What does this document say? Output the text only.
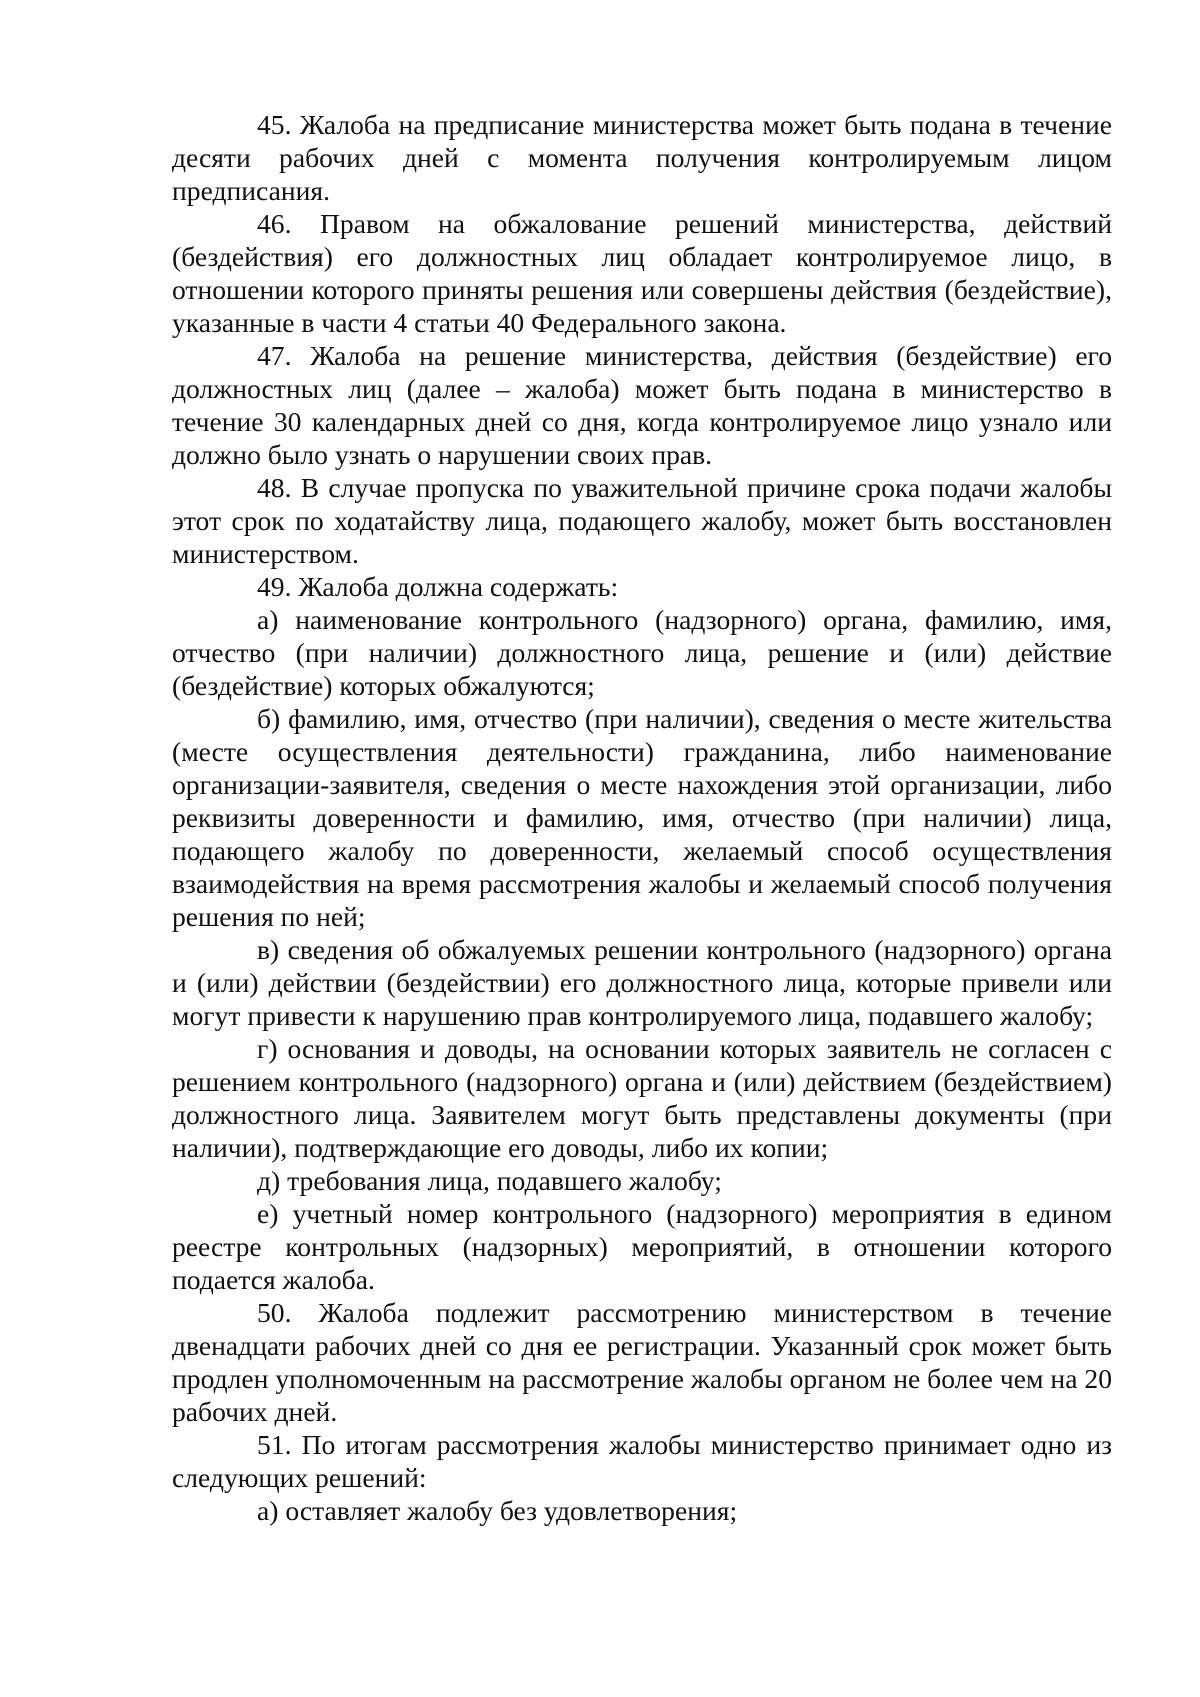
45. Жалоба на предписание министерства может быть подана в течение десяти рабочих дней с момента получения контролируемым лицом предписания.

46. Правом на обжалование решений министерства, действий (бездействия) его должностных лиц обладает контролируемое лицо, в отношении которого приняты решения или совершены действия (бездействие), указанные в части 4 статьи 40 Федерального закона.

47. Жалоба на решение министерства, действия (бездействие) его должностных лиц (далее – жалоба) может быть подана в министерство в течение 30 календарных дней со дня, когда контролируемое лицо узнало или должно было узнать о нарушении своих прав.

48. В случае пропуска по уважительной причине срока подачи жалобы этот срок по ходатайству лица, подающего жалобу, может быть восстановлен министерством.

49. Жалоба должна содержать:

а) наименование контрольного (надзорного) органа, фамилию, имя, отчество (при наличии) должностного лица, решение и (или) действие (бездействие) которых обжалуются;

б) фамилию, имя, отчество (при наличии), сведения о месте жительства (месте осуществления деятельности) гражданина, либо наименование организации-заявителя, сведения о месте нахождения этой организации, либо реквизиты доверенности и фамилию, имя, отчество (при наличии) лица, подающего жалобу по доверенности, желаемый способ осуществления взаимодействия на время рассмотрения жалобы и желаемый способ получения решения по ней;

в) сведения об обжалуемых решении контрольного (надзорного) органа и (или) действии (бездействии) его должностного лица, которые привели или могут привести к нарушению прав контролируемого лица, подавшего жалобу;

г) основания и доводы, на основании которых заявитель не согласен с решением контрольного (надзорного) органа и (или) действием (бездействием) должностного лица. Заявителем могут быть представлены документы (при наличии), подтверждающие его доводы, либо их копии;

д) требования лица, подавшего жалобу;

е) учетный номер контрольного (надзорного) мероприятия в едином реестре контрольных (надзорных) мероприятий, в отношении которого подается жалоба.

50. Жалоба подлежит рассмотрению министерством в течение двенадцати рабочих дней со дня ее регистрации. Указанный срок может быть продлен уполномоченным на рассмотрение жалобы органом не более чем на 20 рабочих дней.

51. По итогам рассмотрения жалобы министерство принимает одно из следующих решений:

а) оставляет жалобу без удовлетворения;
